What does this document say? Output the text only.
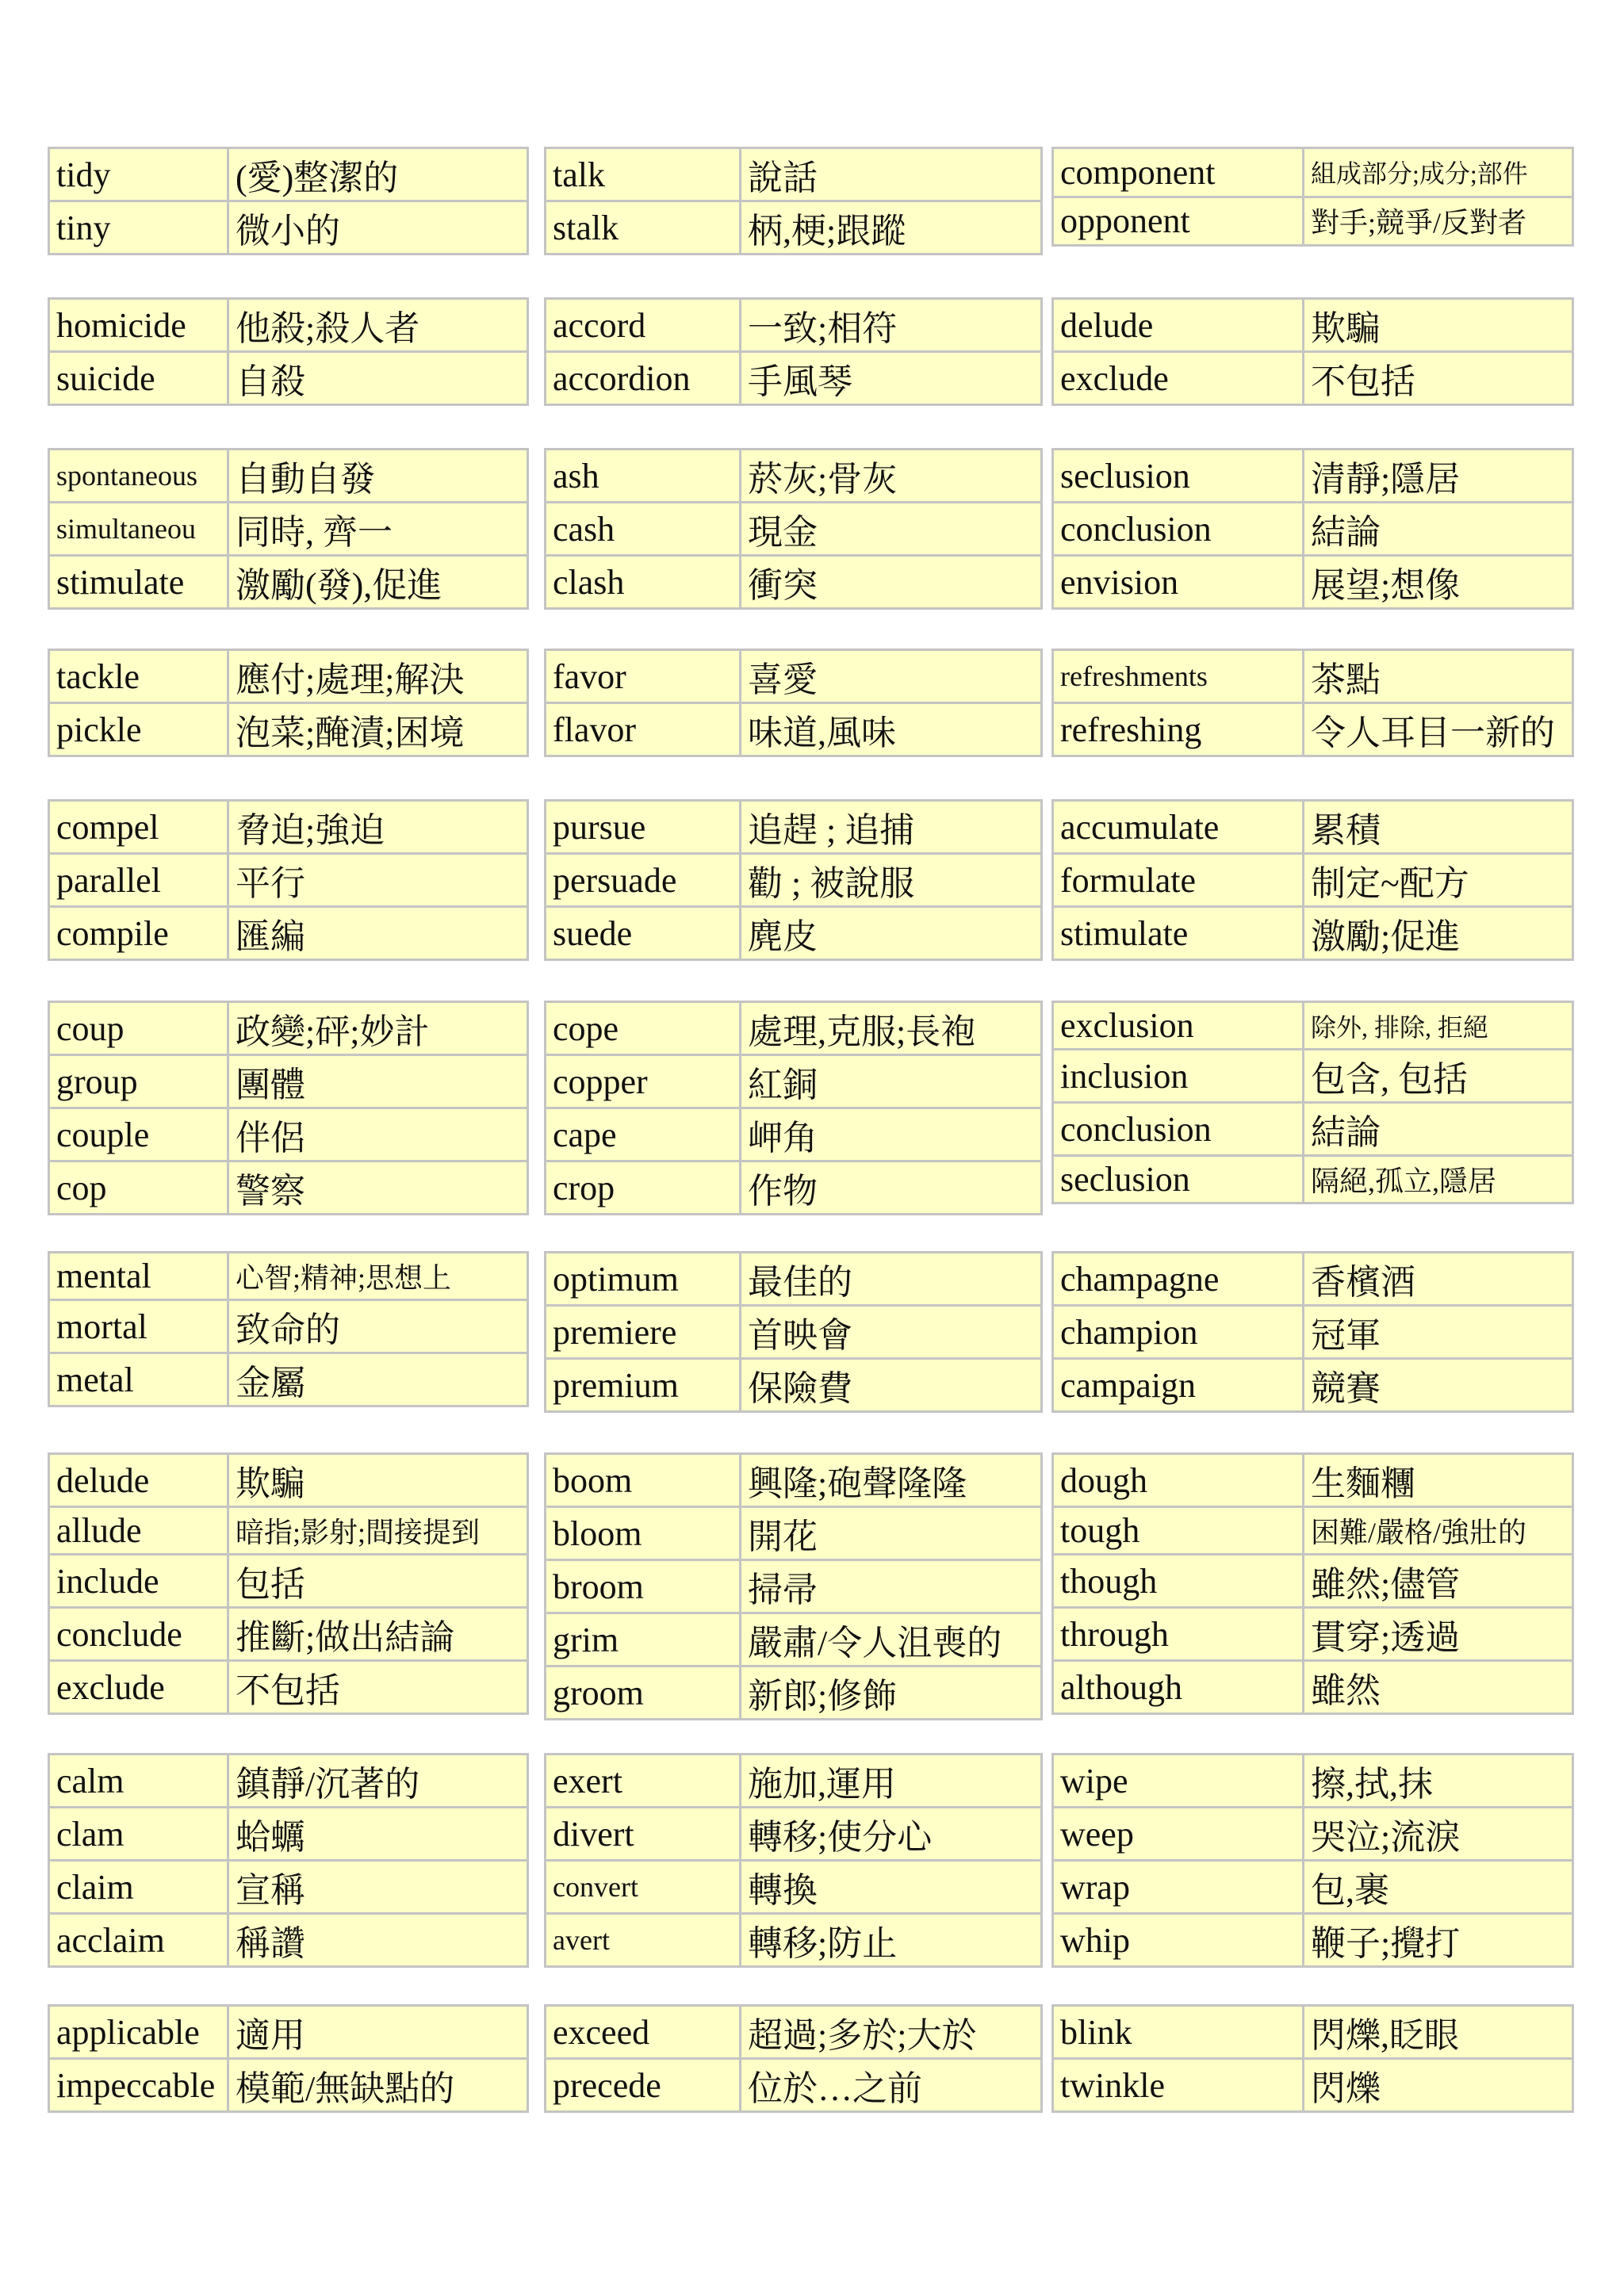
tidy	(愛)整潔的
tiny	微小的
talk	說話
stalk	柄,梗;跟蹤
component	組成部分;成分;部件
opponent	對手;競爭/反對者
homicide	他殺;殺人者
suicide	自殺
accord	一致;相符
accordion	手風琴
delude	欺騙
exclude	不包括
spontaneous	自動自發
simultaneou	同時, 齊一
stimulate	激勵(發),促進
ash	菸灰;骨灰
cash	現金
clash	衝突
seclusion	清靜;隱居
conclusion	結論
envision	展望;想像
tackle	應付;處理;解決
pickle	泡菜;醃漬;困境
favor	喜愛
flavor	味道,風味
refreshments	茶點
refreshing	令人耳目一新的
compel	脅迫;強迫
parallel	平行
compile	匯編
pursue	追趕 ; 追捕
persuade	勸 ; 被說服
suede	麂皮
accumulate	累積
formulate	制定~配方
stimulate	激勵;促進
coup	政變;砰;妙計
group	團體
couple	伴侶
cop	警察
cope	處理,克服;長袍
copper	紅銅
cape	岬角
crop	作物
exclusion	除外, 排除, 拒絕
inclusion	包含, 包括
conclusion	結論
seclusion	隔絕,孤立,隱居
mental	心智;精神;思想上
mortal	致命的
metal	金屬
optimum	最佳的
premiere	首映會
premium	保險費
champagne	香檳酒
champion	冠軍
campaign	競賽
delude	欺騙
allude	暗指;影射;間接提到
include	包括
conclude	推斷;做出結論
exclude	不包括
boom	興隆;砲聲隆隆
bloom	開花
broom	掃帚
grim	嚴肅/令人沮喪的
groom	新郎;修飾
dough	生麵糰
tough	困難/嚴格/強壯的
though	雖然;儘管
through	貫穿;透過
although	雖然
calm	鎮靜/沉著的
clam	蛤蠣
claim	宣稱
acclaim	稱讚
exert	施加,運用
divert	轉移;使分心
convert	轉換
avert	轉移;防止
wipe	擦,拭,抹
weep	哭泣;流淚
wrap	包,裹
whip	鞭子;攪打
applicable	適用
impeccable	模範/無缺點的
exceed	超過;多於;大於
precede	位於…之前
blink	閃爍,眨眼
twinkle	閃爍
